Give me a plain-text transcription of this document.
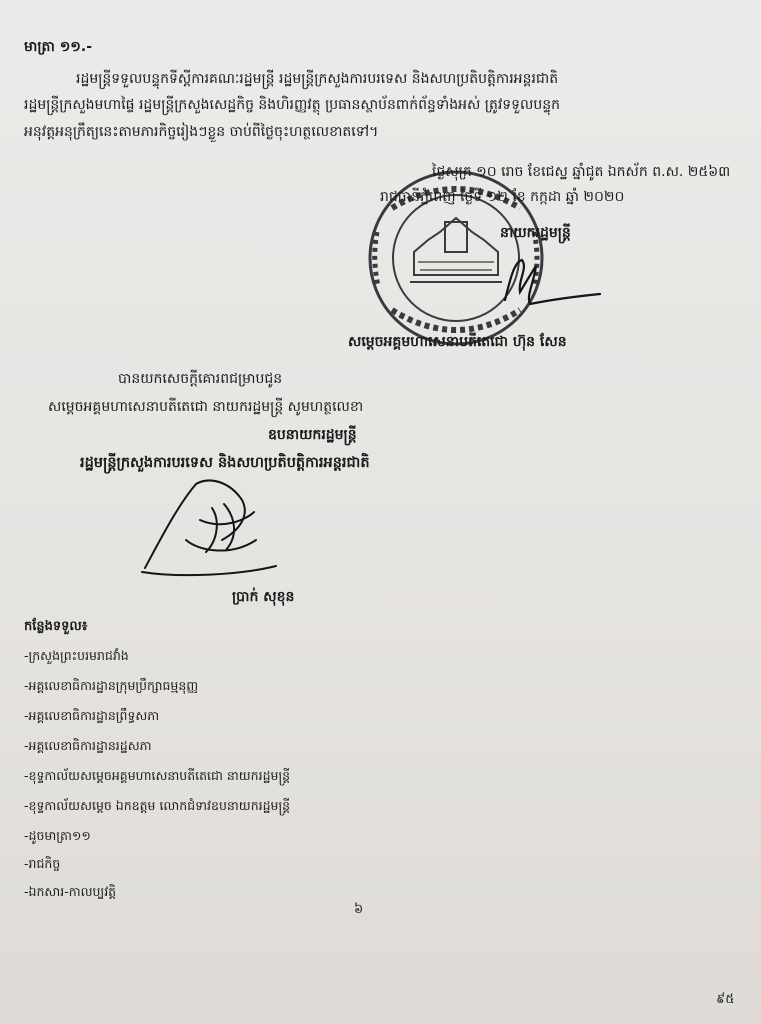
មាត្រា ១១.-
រដ្ឋមន្ត្រីទទួលបន្ទុកទីស្តីការគណៈរដ្ឋមន្ត្រី រដ្ឋមន្ត្រីក្រសួងការបរទេស និងសហប្រតិបត្តិការអន្តរជាតិ
រដ្ឋមន្ត្រីក្រសួងមហាផ្ទៃ រដ្ឋមន្ត្រីក្រសួងសេដ្ឋកិច្ច និងហិរញ្ញវត្ថុ ប្រធានស្ថាប័នពាក់ព័ន្ធទាំងអស់ ត្រូវទទួលបន្ទុក
អនុវត្តអនុក្រឹត្យនេះតាមភារកិច្ចរៀងៗខ្លួន ចាប់ពីថ្ងៃចុះហត្ថលេខាតទៅ។
ថ្ងៃសុក្រ ១០ រោច ខែជេស្ឋ ឆ្នាំជូត ឯកស័ក ព.ស. ២៥៦៣
រាជធានីភ្នំពេញ ថ្ងៃទី ១២ ខែ កក្កដា ឆ្នាំ ២០២០
នាយករដ្ឋមន្ត្រី
សម្តេចអគ្គមហាសេនាបតីតេជោ ហ៊ុន សែន
បានយកសេចក្តីគោរពជម្រាបជូន
សម្តេចអគ្គមហាសេនាបតីតេជោ នាយករដ្ឋមន្ត្រី សូមហត្ថលេខា
ឧបនាយករដ្ឋមន្ត្រី
រដ្ឋមន្ត្រីក្រសួងការបរទេស និងសហប្រតិបត្តិការអន្តរជាតិ
ប្រាក់ សុខុន
កន្លែងទទួល៖
-ក្រសួងព្រះបរមរាជវាំង
-អគ្គលេខាធិការដ្ឋានក្រុមប្រឹក្សាធម្មនុញ្ញ
-អគ្គលេខាធិការដ្ឋានព្រឹទ្ធសភា
-អគ្គលេខាធិការដ្ឋានរដ្ឋសភា
-ខុទ្ទកាល័យសម្តេចអគ្គមហាសេនាបតីតេជោ នាយករដ្ឋមន្ត្រី
-ខុទ្ទកាល័យសម្តេច ឯកឧត្តម លោកជំទាវឧបនាយករដ្ឋមន្ត្រី
-ដូចមាត្រា១១
-រាជកិច្ច
-ឯកសារ-កាលប្បវត្តិ
៦
៩៥
